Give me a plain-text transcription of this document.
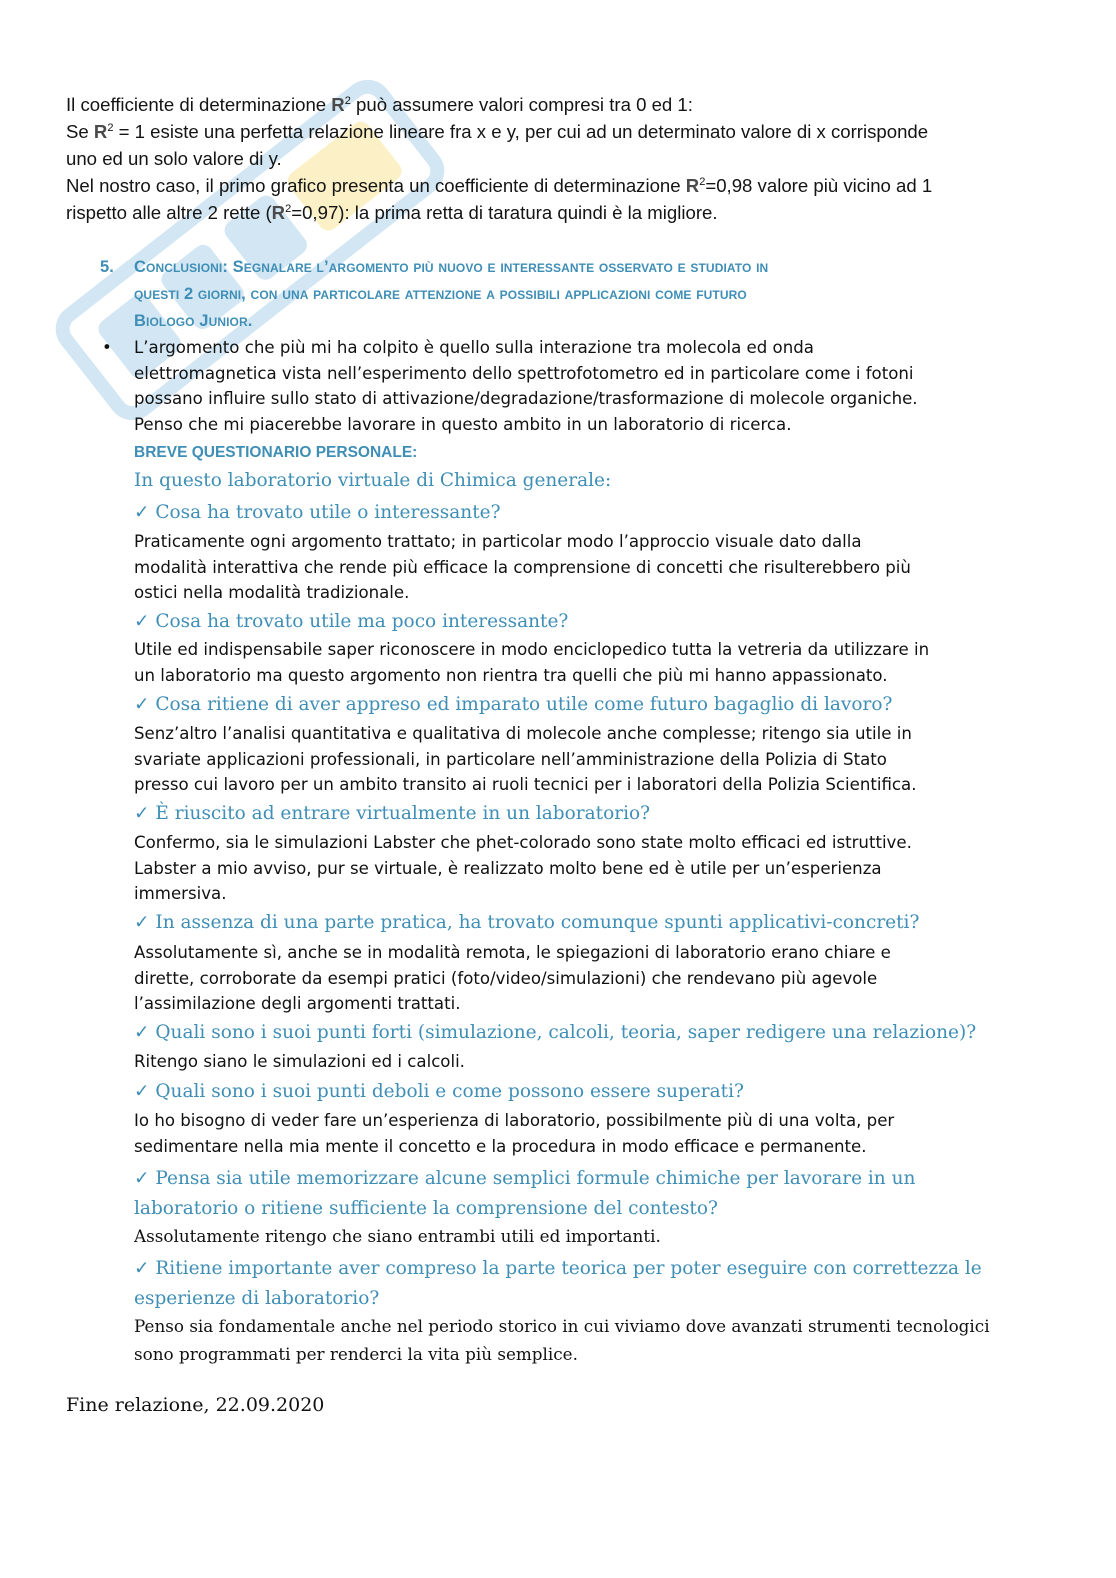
Il coefficiente di determinazione $R^2$ può assumere valori compresi tra 0 ed 1:
Se $R^2 = 1$ esiste una perfetta relazione lineare fra x e y, per cui ad un determinato valore di x corrisponde
uno ed un solo valore di y.
Nel nostro caso, il primo grafico presenta un coefficiente di determinazione $R^2=0,98$ valore più vicino ad 1
rispetto alle altre 2 rette $(R^2=0,97)$: la prima retta di taratura quindi è la migliore.
5. Conclusioni: Segnalare l’argomento più nuovo e interessante osservato e studiato in
questi 2 giorni, con una particolare attenzione a possibili applicazioni come futuro
Biologo Junior.
• L’argomento che più mi ha colpito è quello sulla interazione tra molecola ed onda
elettromagnetica vista nell’esperimento dello spettrofotometro ed in particolare come i fotoni
possano influire sullo stato di attivazione/degradazione/trasformazione di molecole organiche.
Penso che mi piacerebbe lavorare in questo ambito in un laboratorio di ricerca.
BREVE QUESTIONARIO PERSONALE:
In questo laboratorio virtuale di Chimica generale:
✓ Cosa ha trovato utile o interessante?
Praticamente ogni argomento trattato; in particolar modo l’approccio visuale dato dalla
modalità interattiva che rende più efficace la comprensione di concetti che risulterebbero più
ostici nella modalità tradizionale.
✓ Cosa ha trovato utile ma poco interessante?
Utile ed indispensabile saper riconoscere in modo enciclopedico tutta la vetreria da utilizzare in
un laboratorio ma questo argomento non rientra tra quelli che più mi hanno appassionato.
✓ Cosa ritiene di aver appreso ed imparato utile come futuro bagaglio di lavoro?
Senz’altro l’analisi quantitativa e qualitativa di molecole anche complesse; ritengo sia utile in
svariate applicazioni professionali, in particolare nell’amministrazione della Polizia di Stato
presso cui lavoro per un ambito transito ai ruoli tecnici per i laboratori della Polizia Scientifica.
✓ È riuscito ad entrare virtualmente in un laboratorio?
Confermo, sia le simulazioni Labster che phet-colorado sono state molto efficaci ed istruttive.
Labster a mio avviso, pur se virtuale, è realizzato molto bene ed è utile per un’esperienza
immersiva.
✓ In assenza di una parte pratica, ha trovato comunque spunti applicativi-concreti?
Assolutamente sì, anche se in modalità remota, le spiegazioni di laboratorio erano chiare e
dirette, corroborate da esempi pratici (foto/video/simulazioni) che rendevano più agevole
l’assimilazione degli argomenti trattati.
✓ Quali sono i suoi punti forti (simulazione, calcoli, teoria, saper redigere una relazione)?
Ritengo siano le simulazioni ed i calcoli.
✓ Quali sono i suoi punti deboli e come possono essere superati?
Io ho bisogno di veder fare un’esperienza di laboratorio, possibilmente più di una volta, per
sedimentare nella mia mente il concetto e la procedura in modo efficace e permanente.
✓ Pensa sia utile memorizzare alcune semplici formule chimiche per lavorare in un
laboratorio o ritiene sufficiente la comprensione del contesto?
Assolutamente ritengo che siano entrambi utili ed importanti.
✓ Ritiene importante aver compreso la parte teorica per poter eseguire con correttezza le
esperienze di laboratorio?
Penso sia fondamentale anche nel periodo storico in cui viviamo dove avanzati strumenti tecnologici
sono programmati per renderci la vita più semplice.
Fine relazione, 22.09.2020
